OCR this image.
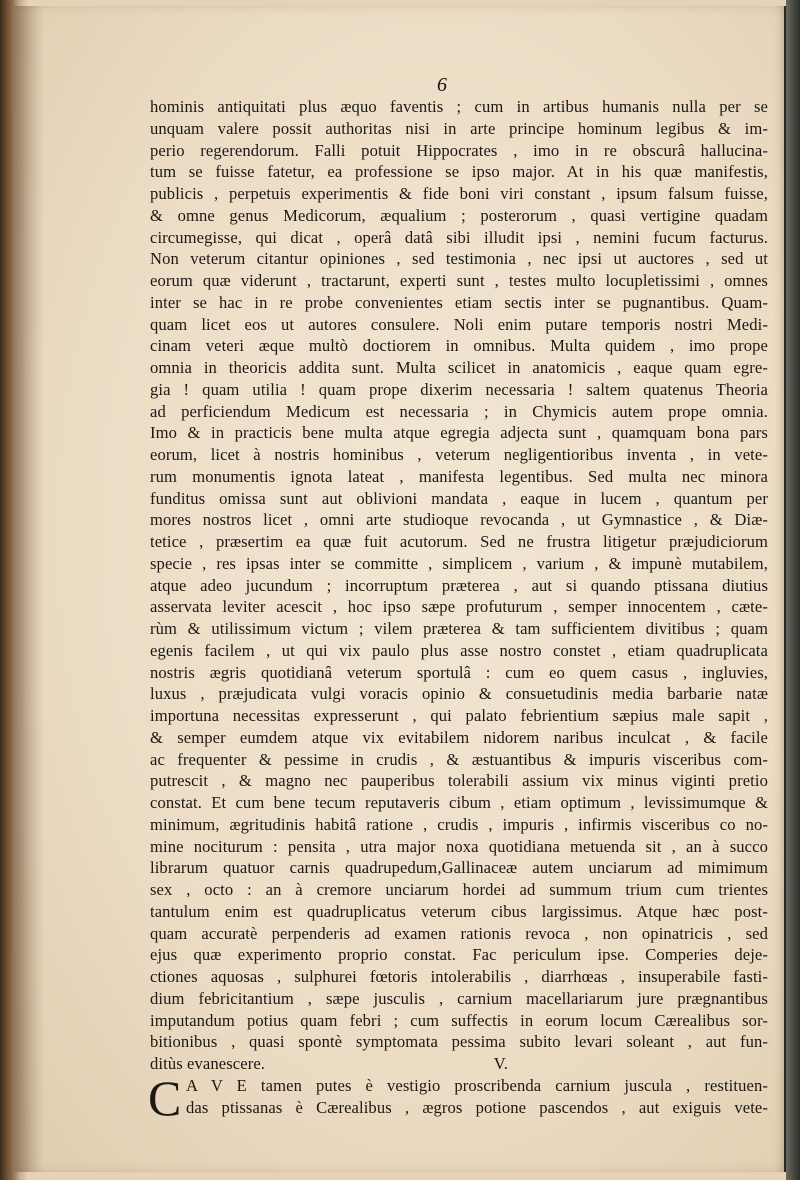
6
hominis antiquitati plus æquo faventis ; cum in artibus humanis nulla per se
unquam valere possit authoritas nisi in arte principe hominum legibus & im-
perio regerendorum. Falli potuit Hippocrates , imo in re obscurâ hallucina-
tum se fuisse fatetur, ea professione se ipso major. At in his quæ manifestis,
publicis , perpetuis experimentis & fide boni viri constant , ipsum falsum fuisse,
& omne genus Medicorum, æqualium ; posterorum , quasi vertigine quadam
circumegisse, qui dicat , operâ datâ sibi illudit ipsi , nemini fucum facturus.
Non veterum citantur opiniones , sed testimonia , nec ipsi ut auctores , sed ut
eorum quæ viderunt , tractarunt, experti sunt , testes multo locupletissimi , omnes
inter se hac in re probe convenientes etiam sectis inter se pugnantibus. Quam-
quam licet eos ut autores consulere. Noli enim putare temporis nostri Medi-
cinam veteri æque multò doctiorem in omnibus. Multa quidem , imo prope
omnia in theoricis addita sunt. Multa scilicet in anatomicis , eaque quam egre-
gia ! quam utilia ! quam prope dixerim necessaria ! saltem quatenus Theoria
ad perficiendum Medicum est necessaria ; in Chymicis autem prope omnia.
Imo & in practicis bene multa atque egregia adjecta sunt , quamquam bona pars
eorum, licet à nostris hominibus , veterum negligentioribus inventa , in vete-
rum monumentis ignota lateat , manifesta legentibus. Sed multa nec minora
funditus omissa sunt aut oblivioni mandata , eaque in lucem , quantum per
mores nostros licet , omni arte studioque revocanda , ut Gymnastice , & Diæ-
tetice , præsertim ea quæ fuit acutorum. Sed ne frustra litigetur præjudiciorum
specie , res ipsas inter se committe , simplicem , varium , & impunè mutabilem,
atque adeo jucundum ; incorruptum præterea , aut si quando ptissana diutius
asservata leviter acescit , hoc ipso sæpe profuturum , semper innocentem , cæte-
rùm & utilissimum victum ; vilem præterea & tam sufficientem divitibus ; quam
egenis facilem , ut qui vix paulo plus asse nostro constet , etiam quadruplicata
nostris ægris quotidianâ veterum sportulâ : cum eo quem casus , ingluvies,
luxus , præjudicata vulgi voracis opinio & consuetudinis media barbarie natæ
importuna necessitas expresserunt , qui palato febrientium sæpius male sapit ,
& semper eumdem atque vix evitabilem nidorem naribus inculcat , & facile
ac frequenter & pessime in crudis , & æstuantibus & impuris visceribus com-
putrescit , & magno nec pauperibus tolerabili assium vix minus viginti pretio
constat. Et cum bene tecum reputaveris cibum , etiam optimum , levissimumque &
minimum, ægritudinis habitâ ratione , crudis , impuris , infirmis visceribus co no-
mine nociturum : pensita , utra major noxa quotidiana metuenda sit , an à succo
librarum quatuor carnis quadrupedum,Gallinaceæ autem unciarum ad mimimum
sex , octo : an à cremore unciarum hordei ad summum trium cum trientes
tantulum enim est quadruplicatus veterum cibus largissimus. Atque hæc post-
quam accuratè perpenderis ad examen rationis revoca , non opinatricis , sed
ejus quæ experimento proprio constat. Fac periculum ipse. Comperies deje-
ctiones aquosas , sulphurei fœtoris intolerabilis , diarrhœas , insuperabile fasti-
dium febricitantium , sæpe jusculis , carnium macellariarum jure prægnantibus
imputandum potius quam febri ; cum suffectis in eorum locum Cærealibus sor-
bitionibus , quasi spontè symptomata pessima subito levari soleant , aut fun-
ditùs evanescere.	V.
C A V E tamen putes è vestigio proscribenda carnium juscula , restituen-
das ptissanas è Cærealibus , ægros potione pascendos , aut exiguis vete-
